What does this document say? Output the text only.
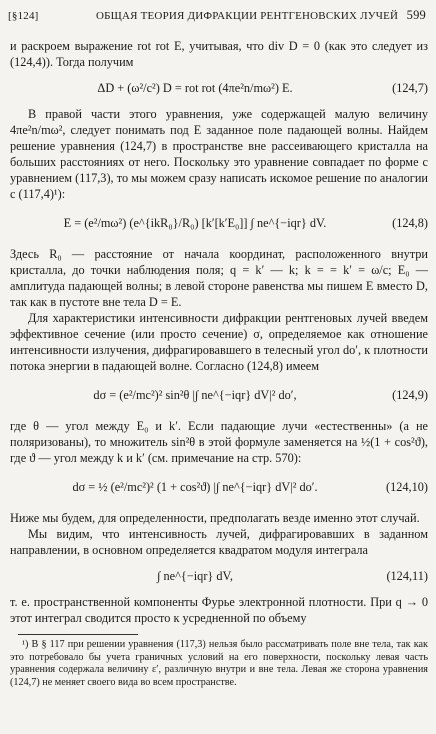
[§124]	ОБЩАЯ ТЕОРИЯ ДИФРАКЦИИ РЕНТГЕНОВСКИХ ЛУЧЕЙ 599

и раскроем выражение rot rot E, учитывая, что div D = 0 (как это следует из (124,4)). Тогда получим

ΔD + (ω²/c²) D = rot rot (4πe²n/mω²) E.	(124,7)

В правой части этого уравнения, уже содержащей малую величину 4πe²n/mω², следует понимать под E заданное поле падающей волны. Найдем решение уравнения (124,7) в пространстве вне рассеивающего кристалла на больших расстояниях от него. Поскольку это уравнение совпадает по форме с уравнением (117,3), то мы можем сразу написать искомое решение по аналогии с (117,4)¹):

E = (e²/mω²) (e^{ikR₀}/R₀) [k′[k′E₀]] ∫ ne^{−iqr} dV.	(124,8)

Здесь R₀ — расстояние от начала координат, расположенного внутри кристалла, до точки наблюдения поля; q = k′ — k; k = = k′ = ω/c; E₀ — амплитуда падающей волны; в левой стороне равенства мы пишем E вместо D, так как в пустоте вне тела D = E.

Для характеристики интенсивности дифракции рентгеновых лучей введем эффективное сечение (или просто сечение) σ, определяемое как отношение интенсивности излучения, дифрагировавшего в телесный угол do′, к плотности потока энергии в падающей волне. Согласно (124,8) имеем

dσ = (e²/mc²)² sin²θ |∫ ne^{−iqr} dV|² do′,	(124,9)

где θ — угол между E₀ и k′. Если падающие лучи «естественны» (а не поляризованы), то множитель sin²θ в этой формуле заменяется на ½(1 + cos²ϑ), где ϑ — угол между k и k′ (см. примечание на стр. 570):

dσ = ½ (e²/mc²)² (1 + cos²ϑ) |∫ ne^{−iqr} dV|² do′.	(124,10)

Ниже мы будем, для определенности, предполагать везде именно этот случай.

Мы видим, что интенсивность лучей, дифрагировавших в заданном направлении, в основном определяется квадратом модуля интеграла

∫ ne^{−iqr} dV,	(124,11)

т. е. пространственной компоненты Фурье электронной плотности. При q → 0 этот интеграл сводится просто к усредненной по объему

¹) В § 117 при решении уравнения (117,3) нельзя было рассматривать поле вне тела, так как это потребовало бы учета граничных условий на его поверхности, поскольку левая часть уравнения содержала величину ε′, различную внутри и вне тела. Левая же сторона уравнения (124,7) не меняет своего вида во всем пространстве.
